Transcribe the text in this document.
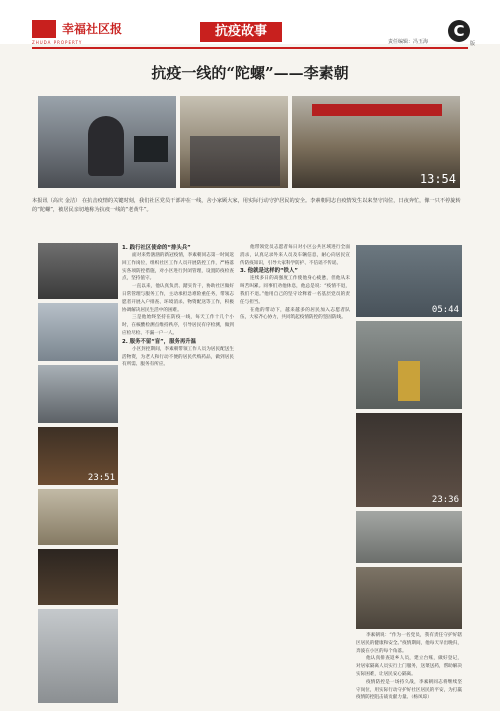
幸福社区报
ZHUDA PROPERTY
抗疫故事
责任编辑：冯玉海
C
版
抗疫一线的“陀螺”——李素朝
13:54
本报讯（高庆 金洁） 在抗击疫情的关键时刻，我们社区党员干部冲在一线，舍小家顾大家，用实际行动守护居民的安全。李素朝同志自疫情发生以来坚守岗位，日夜奔忙，像一只不停旋转的“陀螺”，被居民亲切地称为抗疫一线的“老黄牛”。
23:51
05:44
23:36
1. 践行社区使命的“排头兵”

面对来势汹汹的新冠疫情，李素朝同志第一时间返回工作岗位，组织社区工作人员开展防控工作，严格落实各项防控措施，对小区进行封闭管理，设置防疫检查点，坚持值守。

一直以来，他认真负责、踏实肯干，协助社区做好日常管理与服务工作，主动承担急难险重任务，带领志愿者开展入户排查、环境消杀、物资配送等工作，积极协调解决居民生活中的困难。

三是他始终坚持在防疫一线，每天工作十几个小时，在核酸检测点维持秩序，引导居民有序检测，做到应检尽检、不漏一户一人。

2. 服务不留“盲”，服务再升温

小区封控期间，李素朝带领工作人员为居民配送生活物资，为老人和行动不便的居民代购药品，做到居民有所需、服务有所应。

他带领党员志愿者每日对小区公共区域进行全面消杀，认真记录外来人员及车辆信息，耐心向居民宣传防疫知识，引导大家科学防护、不信谣不传谣。

3. 他就是这样的“铁人”

连续多日的高强度工作使他身心疲惫，但他从未叫苦叫累。同事们劝他休息，他总是说：“疫情不退，我们不退。”他用自己的坚守诠释着一名基层党员的责任与担当。

在他的带动下，越来越多的居民加入志愿者队伍，大家齐心协力，共同筑起疫情防控的坚固防线。

李素朝说：“作为一名党员，我有责任守护好辖区居民的健康和安全。”疫情期间，他每天早出晚归，奔波在小区的每个角落。

他认真排查返乡人员，建立台账，做好登记，对居家隔离人员实行上门服务，送菜送药，帮助解决实际困难，让居民安心隔离。

疫情防控是一场持久战，李素朝同志将继续坚守岗位，用实际行动守护好社区居民的平安，为打赢疫情防控阻击战贡献力量。（杨凤琼）
